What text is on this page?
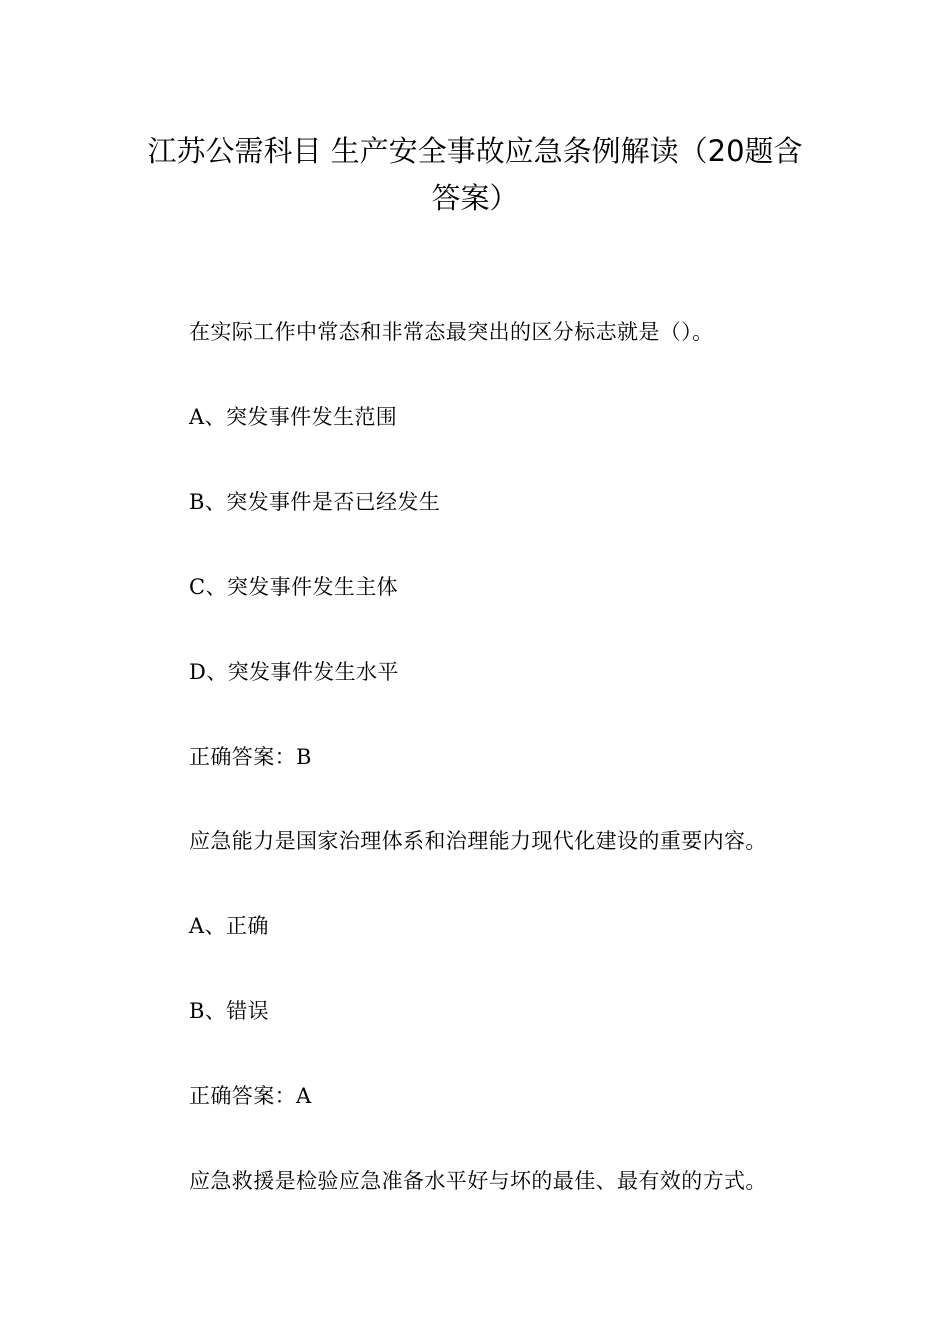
江苏公需科目 生产安全事故应急条例解读（20题含
答案）

在实际工作中常态和非常态最突出的区分标志就是（）。

A、突发事件发生范围

B、突发事件是否已经发生

C、突发事件发生主体

D、突发事件发生水平

正确答案：B

应急能力是国家治理体系和治理能力现代化建设的重要内容。

A、正确

B、错误

正确答案：A

应急救援是检验应急准备水平好与坏的最佳、最有效的方式。
